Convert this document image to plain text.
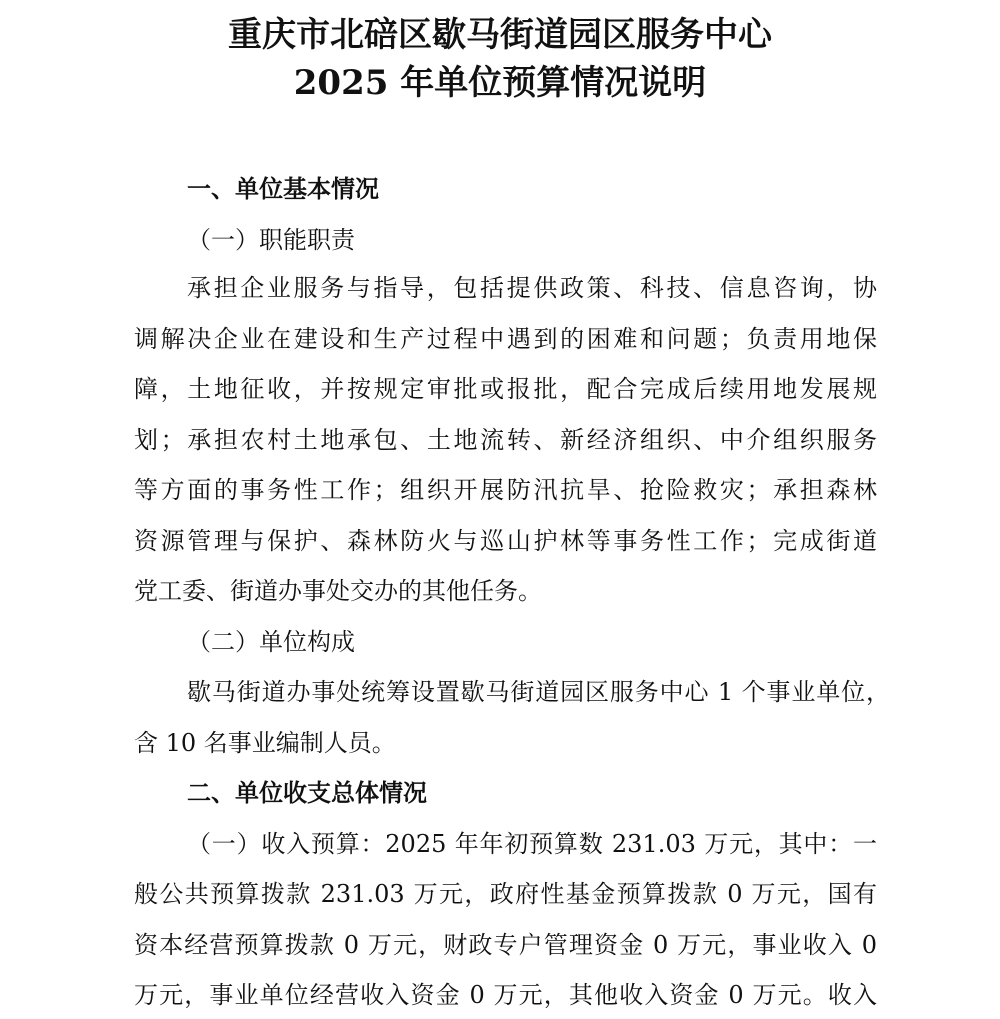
重庆市北碚区歇马街道园区服务中心
2025 年单位预算情况说明
一、单位基本情况
（一）职能职责
承担企业服务与指导，包括提供政策、科技、信息咨询，协
调解决企业在建设和生产过程中遇到的困难和问题；负责用地保
障，土地征收，并按规定审批或报批，配合完成后续用地发展规
划；承担农村土地承包、土地流转、新经济组织、中介组织服务
等方面的事务性工作；组织开展防汛抗旱、抢险救灾；承担森林
资源管理与保护、森林防火与巡山护林等事务性工作；完成街道
党工委、街道办事处交办的其他任务。
（二）单位构成
歇马街道办事处统筹设置歇马街道园区服务中心 1 个事业单位，
含 10 名事业编制人员。
二、单位收支总体情况
（一）收入预算：2025 年年初预算数 231.03 万元，其中：一
般公共预算拨款 231.03 万元，政府性基金预算拨款 0 万元，国有
资本经营预算拨款 0 万元，财政专户管理资金 0 万元，事业收入 0
万元，事业单位经营收入资金 0 万元，其他收入资金 0 万元。收入
